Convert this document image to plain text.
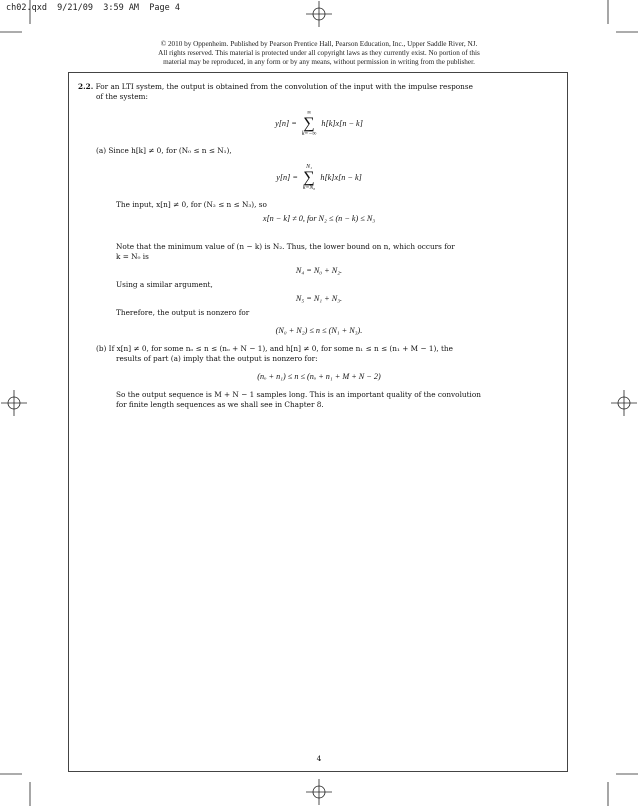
ch02.qxd  9/21/09  3:59 AM  Page 4
© 2010 by Oppenheim. Published by Pearson Prentice Hall, Pearson Education, Inc., Upper Saddle River, NJ.
All rights reserved. This material is protected under all copyright laws as they currently exist. No portion of this
material may be reproduced, in any form or by any means, without permission in writing from the publisher.

2.2. For an LTI system, the output is obtained from the convolution of the input with the impulse response

of the system:

y[n] =
∞
∑
k=−∞
h[k]x[n − k]

(a) Since h[k] ≠ 0, for (N₀ ≤ n ≤ N₁),

y[n] =
N₁
∑
k=N₀
h[k]x[n − k]

The input, x[n] ≠ 0, for (N₂ ≤ n ≤ N₃), so

x[n − k] ≠ 0, for N₂ ≤ (n − k) ≤ N₃

Note that the minimum value of (n − k) is N₂. Thus, the lower bound on n, which occurs for

k = N₀ is

N₄ = N₀ + N₂.

Using a similar argument,

N₅ = N₁ + N₃.

Therefore, the output is nonzero for

(N₀ + N₂) ≤ n ≤ (N₁ + N₃).

(b) If x[n] ≠ 0, for some nₒ ≤ n ≤ (nₒ + N − 1), and h[n] ≠ 0, for some n₁ ≤ n ≤ (n₁ + M − 1), the

results of part (a) imply that the output is nonzero for:

(nₒ + n₁) ≤ n ≤ (nₒ + n₁ + M + N − 2)

So the output sequence is M + N − 1 samples long. This is an important quality of the convolution

for finite length sequences as we shall see in Chapter 8.

4
